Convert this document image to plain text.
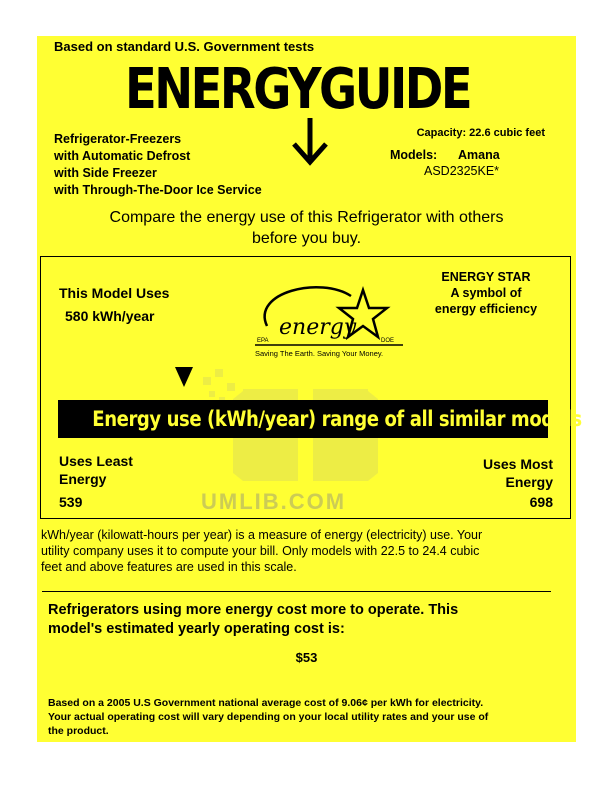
Based on standard U.S. Government tests
ENERGYGUIDE
Refrigerator-Freezers
with Automatic Defrost
with Side Freezer
with Through-The-Door Ice Service
Capacity: 22.6 cubic feet
Models: Amana
ASD2325KE*
Compare the energy use of this Refrigerator with others
before you buy.
UMLIB.COM
This Model Uses
580 kWh/year	energy
EPA	DOE
Saving The Earth. Saving Your Money.
ENERGY STAR
A symbol of
energy efficiency
Energy use (kWh/year) range of all similar models
Uses Least
Energy
539
Uses Most
Energy
698
kWh/year (kilowatt-hours per year) is a measure of energy (electricity) use. Your
utility company uses it to compute your bill. Only models with 22.5 to 24.4 cubic
feet and above features are used in this scale.
Refrigerators using more energy cost more to operate. This
model's estimated yearly operating cost is:
$53
Based on a 2005 U.S Government national average cost of 9.06¢ per kWh for electricity.
Your actual operating cost will vary depending on your local utility rates and your use of
the product.
